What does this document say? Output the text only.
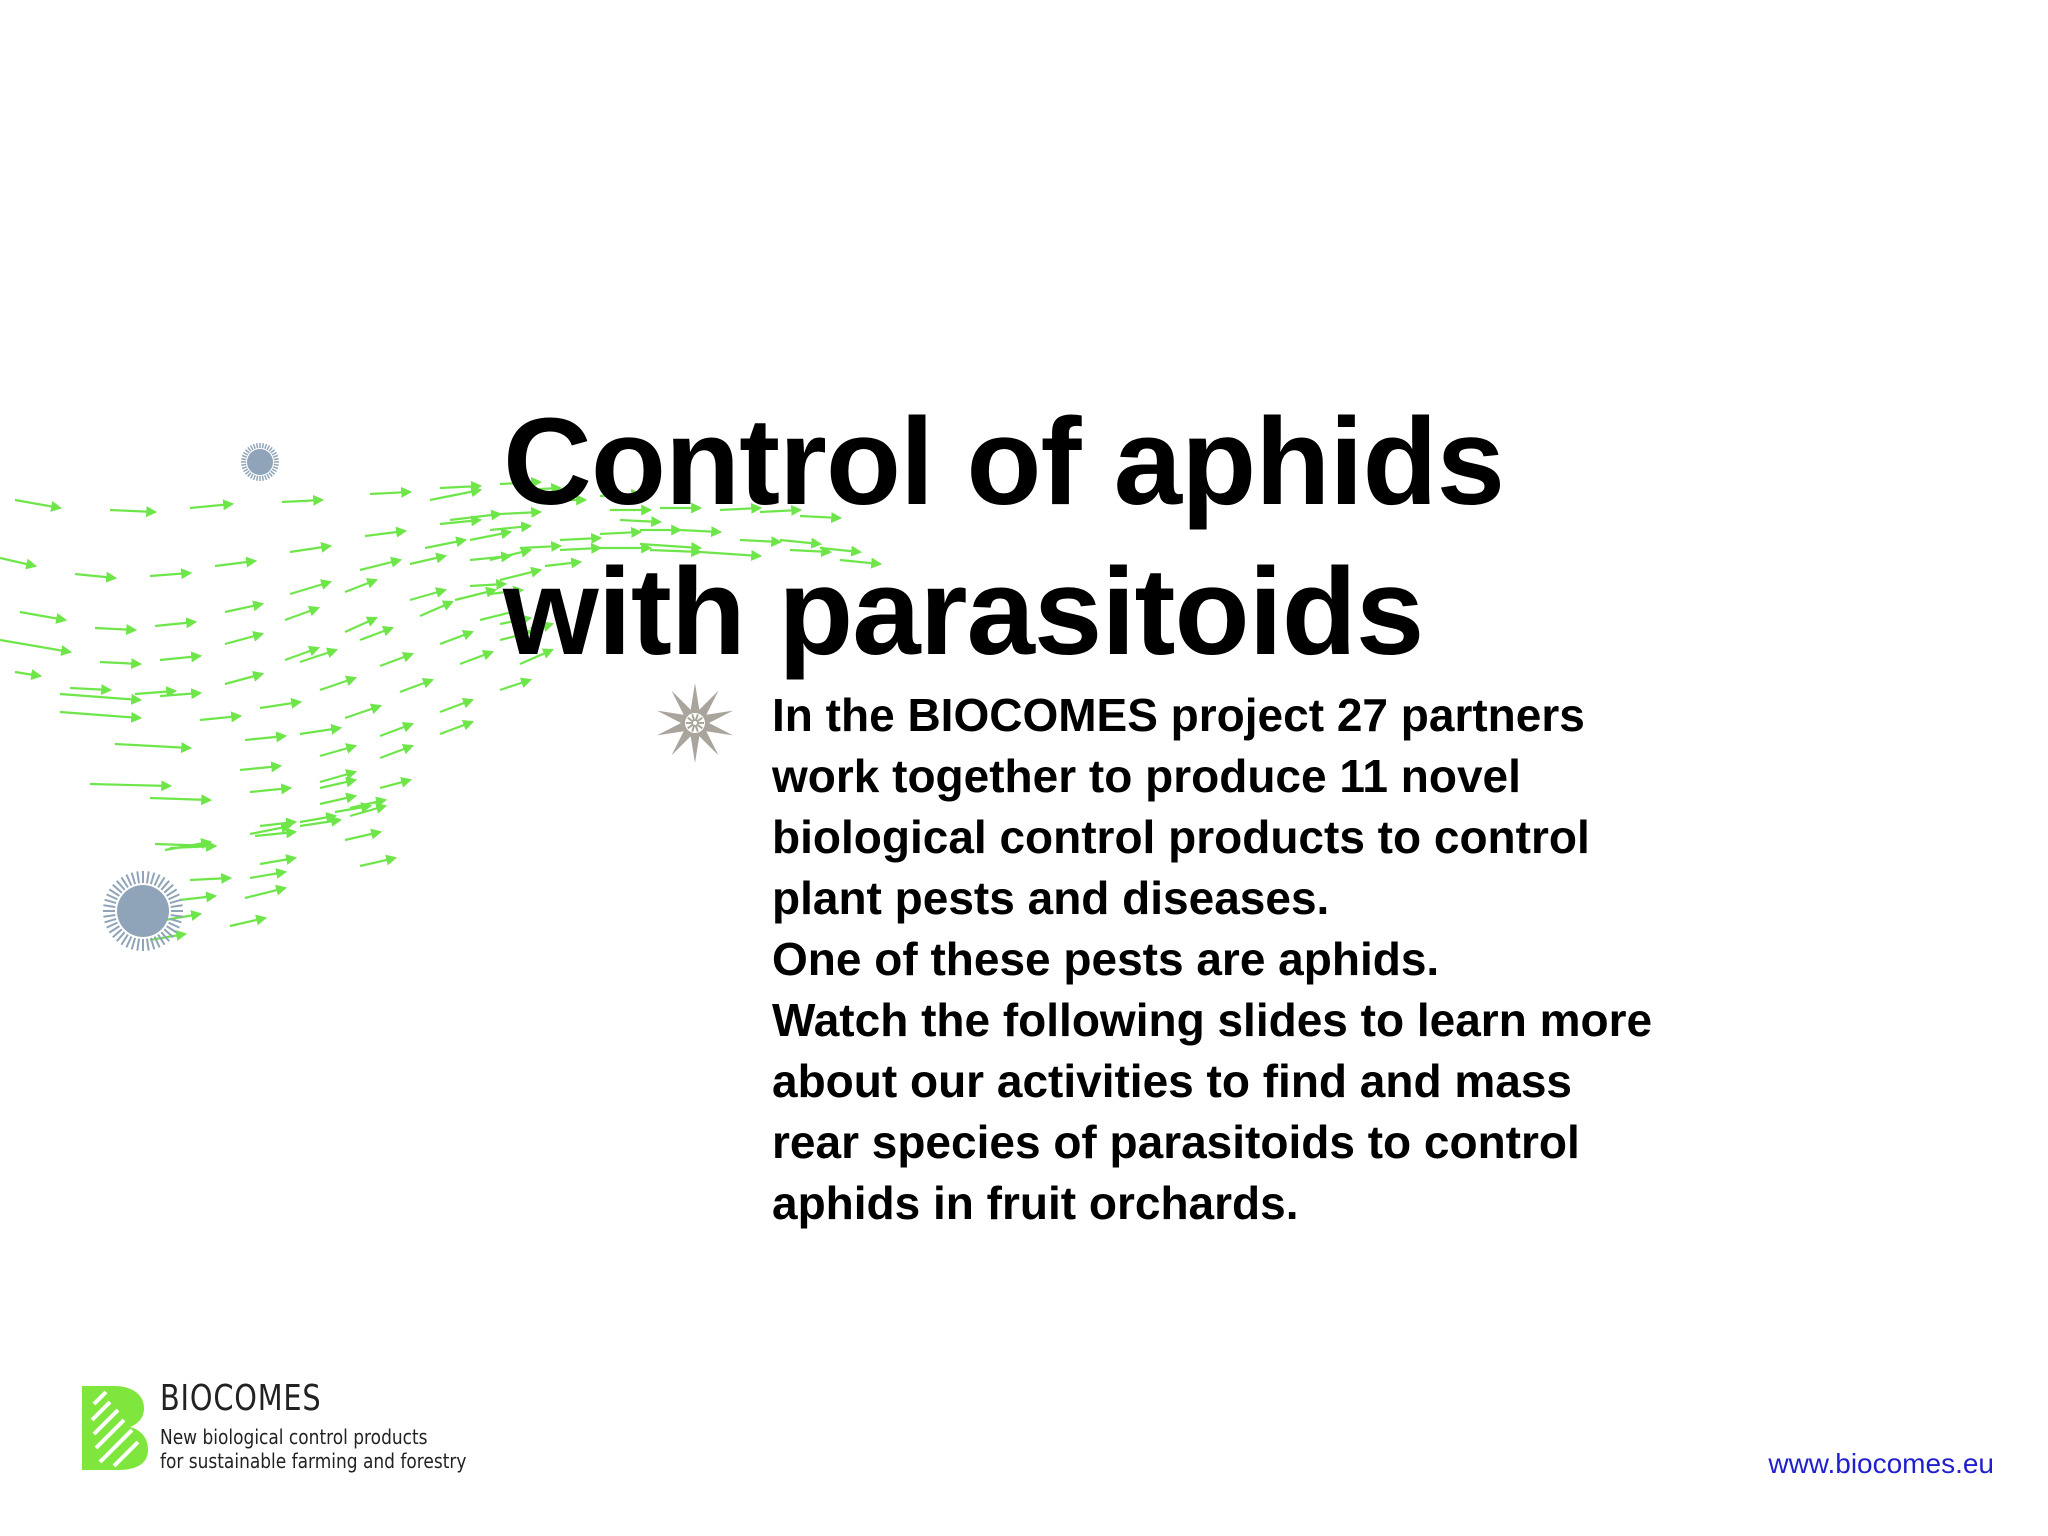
Control of aphids
with parasitoids
In the BIOCOMES project 27 partners
work together to produce 11 novel
biological control products to control
plant pests and diseases.
One of these pests are aphids.
Watch the following slides to learn more
about our activities to find and mass
rear species of parasitoids to control
aphids in fruit orchards.
BIOCOMES
New biological control products
for sustainable farming and forestry	www.biocomes.eu
